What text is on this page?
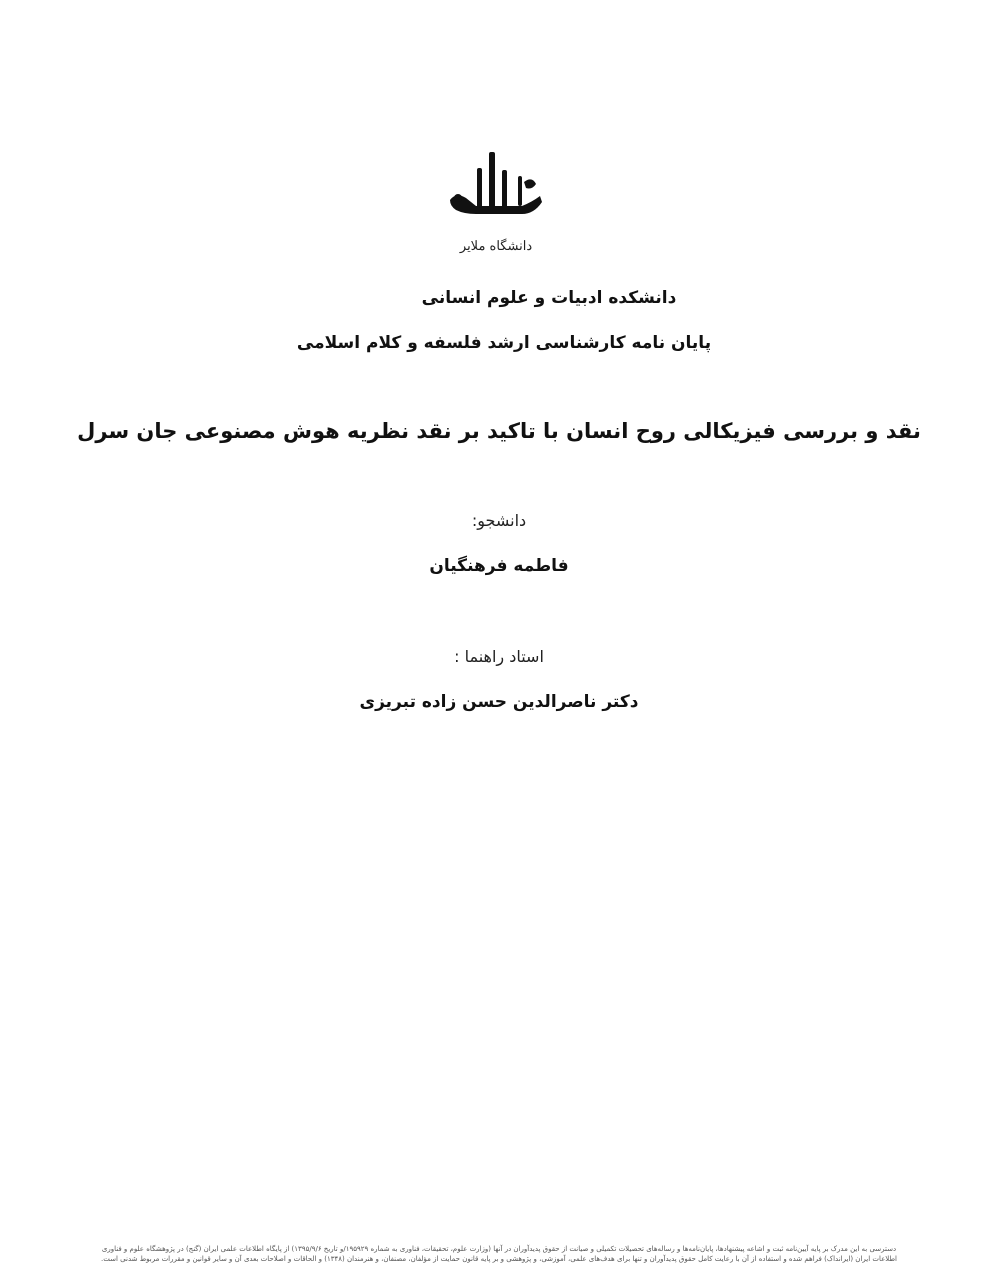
دانشگاه ملایر
دانشکده ادبیات و علوم انسانی
پایان نامه کارشناسی ارشد فلسفه و کلام اسلامی
نقد و بررسی فیزیکالی روح انسان با تاکید بر نقد نظریه هوش مصنوعی جان سرل
دانشجو:
فاطمه فرهنگیان
استاد راهنما :
دکتر ناصرالدین حسن زاده تبریزی
دسترسی به این مدرک بر پایه آیین‌نامه ثبت و اشاعه پیشنهادها، پایان‌نامه‌ها و رساله‌های تحصیلات تکمیلی و صیانت از حقوق پدیدآوران در آنها (وزارت علوم، تحقیقات، فناوری به شماره ۱۹۵۹۲۹/و تاریخ ۱۳۹۵/۹/۶) از پایگاه اطلاعات علمی ایران (گنج) در پژوهشگاه علوم و فناوری
اطلاعات ایران (ایرانداک) فراهم شده و استفاده از آن با رعایت کامل حقوق پدیدآوران و تنها برای هدف‌های علمی، آموزشی، و پژوهشی و بر پایه قانون حمایت از مؤلفان، مصنفان، و هنرمندان (۱۳۴۸) و الحاقات و اصلاحات بعدی آن و سایر قوانین و مقررات مربوط شدنی است.
